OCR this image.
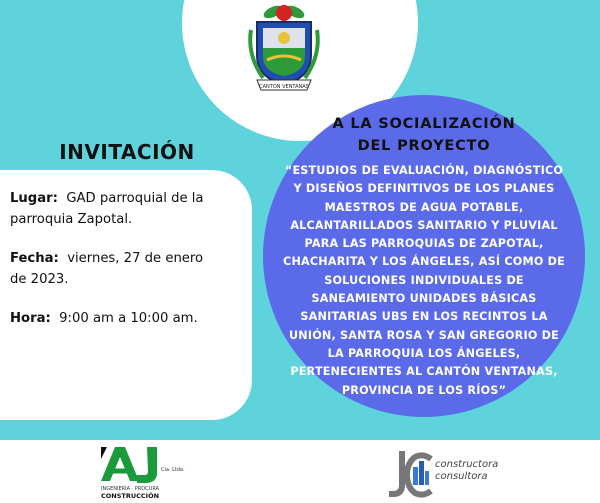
CANTON VENTANAS
INVITACIÓN
Lugar: GAD parroquial de la
parroquia Zapotal.
Fecha: viernes, 27 de enero
de 2023.
Hora: 9:00 am a 10:00 am.
A LA SOCIALIZACIÓN
DEL PROYECTO
“ESTUDIOS DE EVALUACIÓN, DIAGNÓSTICO
Y DISEÑOS DEFINITIVOS DE LOS PLANES
MAESTROS DE AGUA POTABLE,
ALCANTARILLADOS SANITARIO Y PLUVIAL
PARA LAS PARROQUIAS DE ZAPOTAL,
CHACHARITA Y LOS ÁNGELES, ASÍ COMO DE
SOLUCIONES INDIVIDUALES DE
SANEAMIENTO UNIDADES BÁSICAS
SANITARIAS UBS EN LOS RECINTOS LA
UNIÓN, SANTA ROSA Y SAN GREGORIO DE
LA PARROQUIA LOS ÁNGELES,
PERTENECIENTES AL CANTÓN VENTANAS,
PROVINCIA DE LOS RÍOS”
Cia. Ltda.
INGENIERÍA · PROCURA
CONSTRUCCIÓN
constructora
consultora
